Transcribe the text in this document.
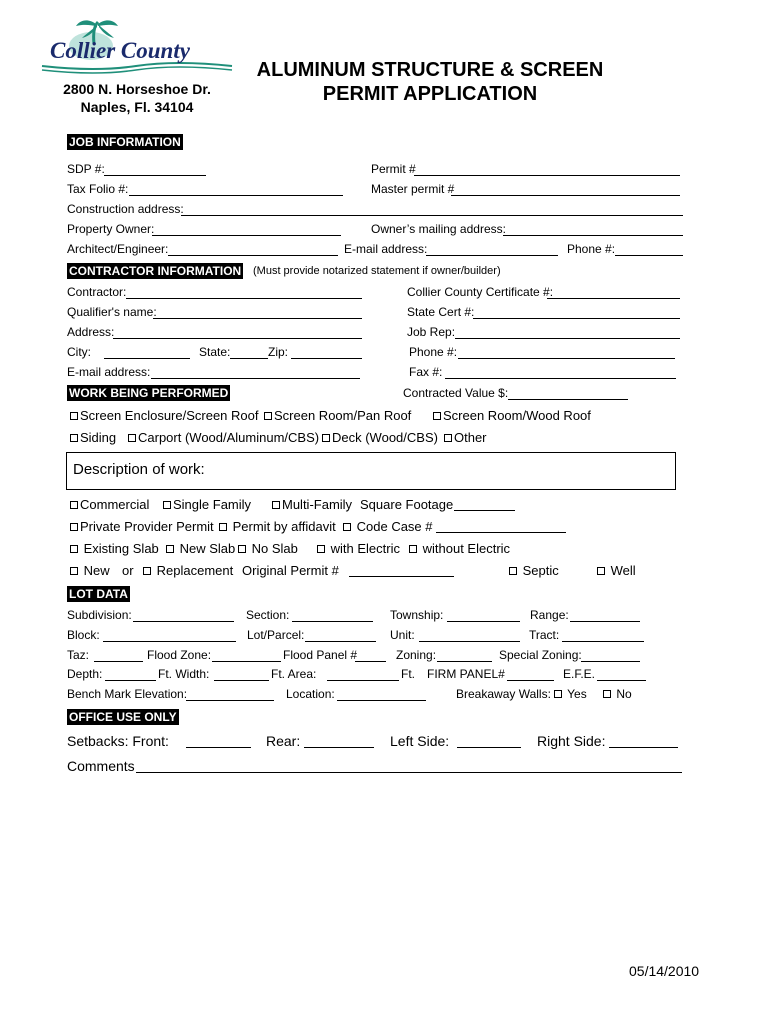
Collier County
2800 N. Horseshoe Dr.
Naples, Fl. 34104
ALUMINUM STRUCTURE & SCREEN
PERMIT APPLICATION
JOB INFORMATION
SDP #:	Permit #
Tax Folio #:	Master permit #
Construction address:
Property Owner:	Owner’s mailing address:
Architect/Engineer:	E-mail address:	Phone #:
CONTRACTOR INFORMATION (Must provide notarized statement if owner/builder)
Contractor:	Collier County Certificate #:
Qualifier's name:	State Cert #:
Address:	Job Rep:
City:	State:	Zip:	Phone #:
E-mail address:	Fax #:
WORK BEING PERFORMED	Contracted Value $:
Screen Enclosure/Screen Roof	Screen Room/Pan Roof	Screen Room/Wood Roof
Siding	Carport (Wood/Aluminum/CBS) Deck (Wood/CBS)	Other
Description of work:
Commercial	Single Family	Multi-Family Square Footage
Private Provider Permit	Permit by affidavit	Code Case #
Existing Slab	New Slab	No Slab	with Electric	without Electric
New or	Replacement Original Permit #	Septic	Well
LOT DATA
Subdivision:	Section:	Township:	Range:
Block:	Lot/Parcel:	Unit:	Tract:
Taz:	Flood Zone:	Flood Panel #	Zoning:	Special Zoning:
Depth:	Ft. Width:	Ft. Area:	Ft. FIRM PANEL#	E.F.E.
Bench Mark Elevation:	Location:	Breakaway Walls:	Yes	No
OFFICE USE ONLY
Setbacks: Front:	Rear:	Left Side:	Right Side:
Comments
05/14/2010
